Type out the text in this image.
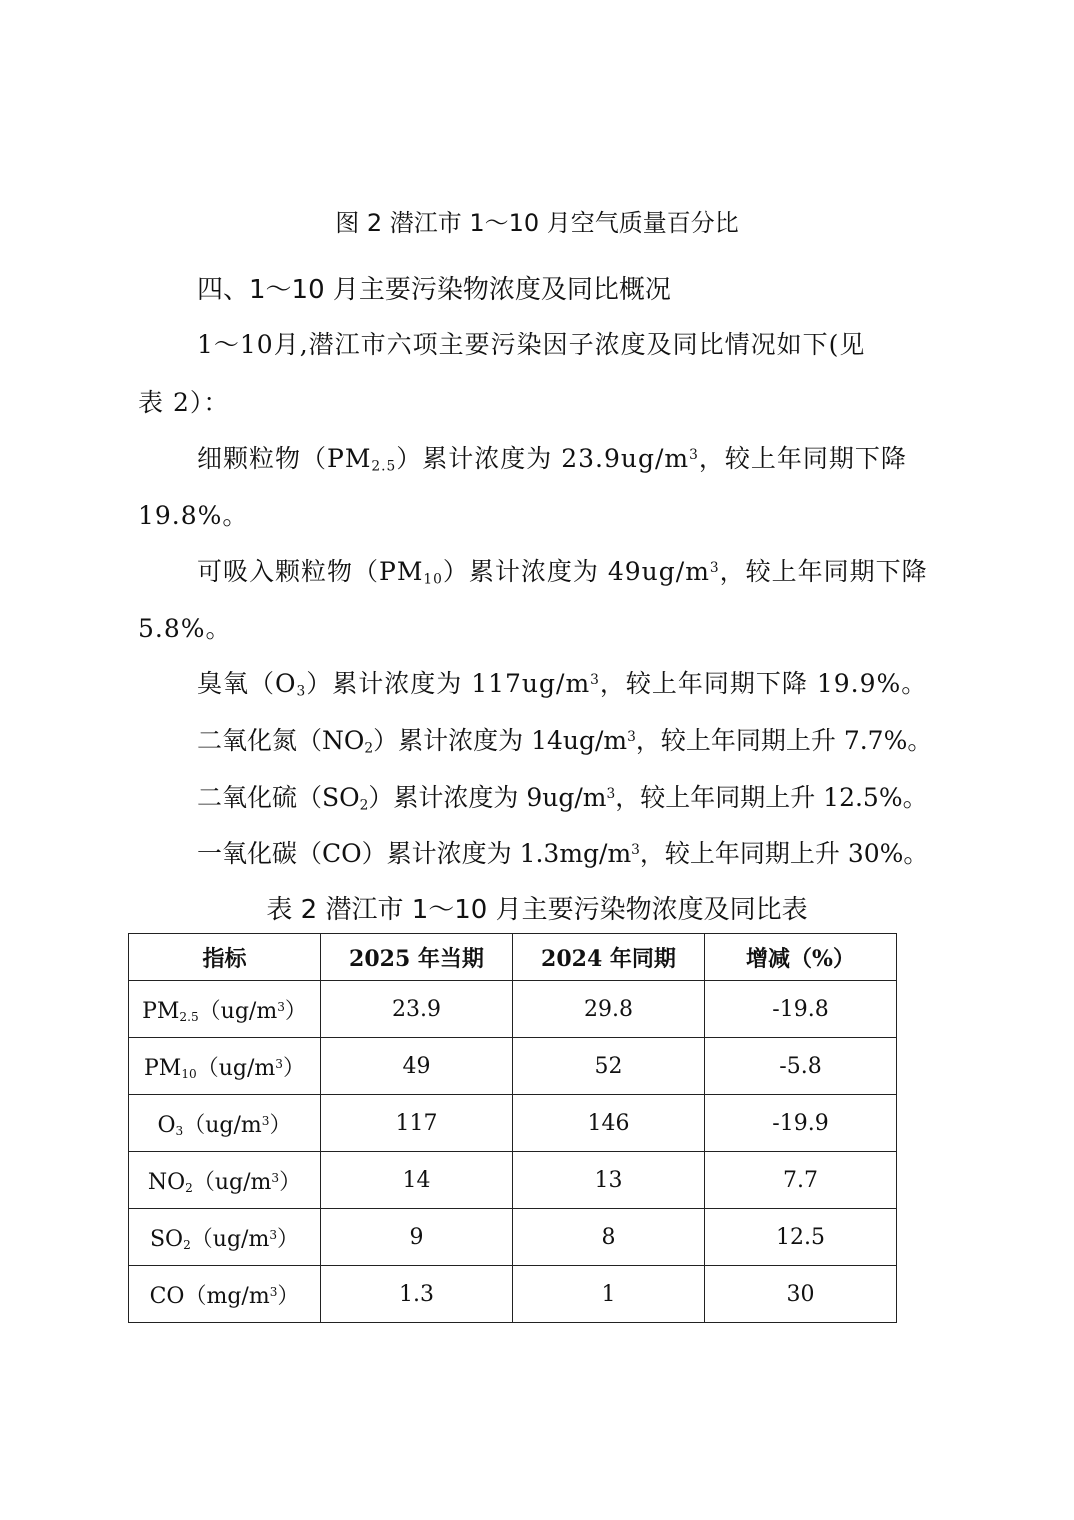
图 2 潜江市 1～10 月空气质量百分比
四、1～10 月主要污染物浓度及同比概况
1～10月,潜江市六项主要污染因子浓度及同比情况如下(见
表 2）：
细颗粒物$(PM_{2.5})$累计浓度为 $23.9ug/m^3$，较上年同期下降
19.8%。
可吸入颗粒物$(PM_{10})$累计浓度为 $49ug/m^3$，较上年同期下降
5.8%。
臭氧$(O_3)$累计浓度为 $117ug/m^3$，较上年同期下降 19.9%。
二氧化氮$(NO_2)$累计浓度为 $14ug/m^3$，较上年同期上升 7.7%。
二氧化硫$(SO_2)$累计浓度为 $9ug/m^3$，较上年同期上升 12.5%。
一氧化碳（CO）累计浓度为 $1.3mg/m^3$，较上年同期上升 30%。
表 2 潜江市 1～10 月主要污染物浓度及同比表
指标	2025 年当期	2024 年同期	增减（%）
$PM_{2.5}(ug/m^3)$	23.9	29.8	-19.8
$PM_{10}(ug/m^3)$	49	52	-5.8
$O_3(ug/m^3)$	117	146	-19.9
$NO_2(ug/m^3)$	14	13	7.7
$SO_2(ug/m^3)$	9	8	12.5
$CO(mg/m^3)$	1.3	1	30
